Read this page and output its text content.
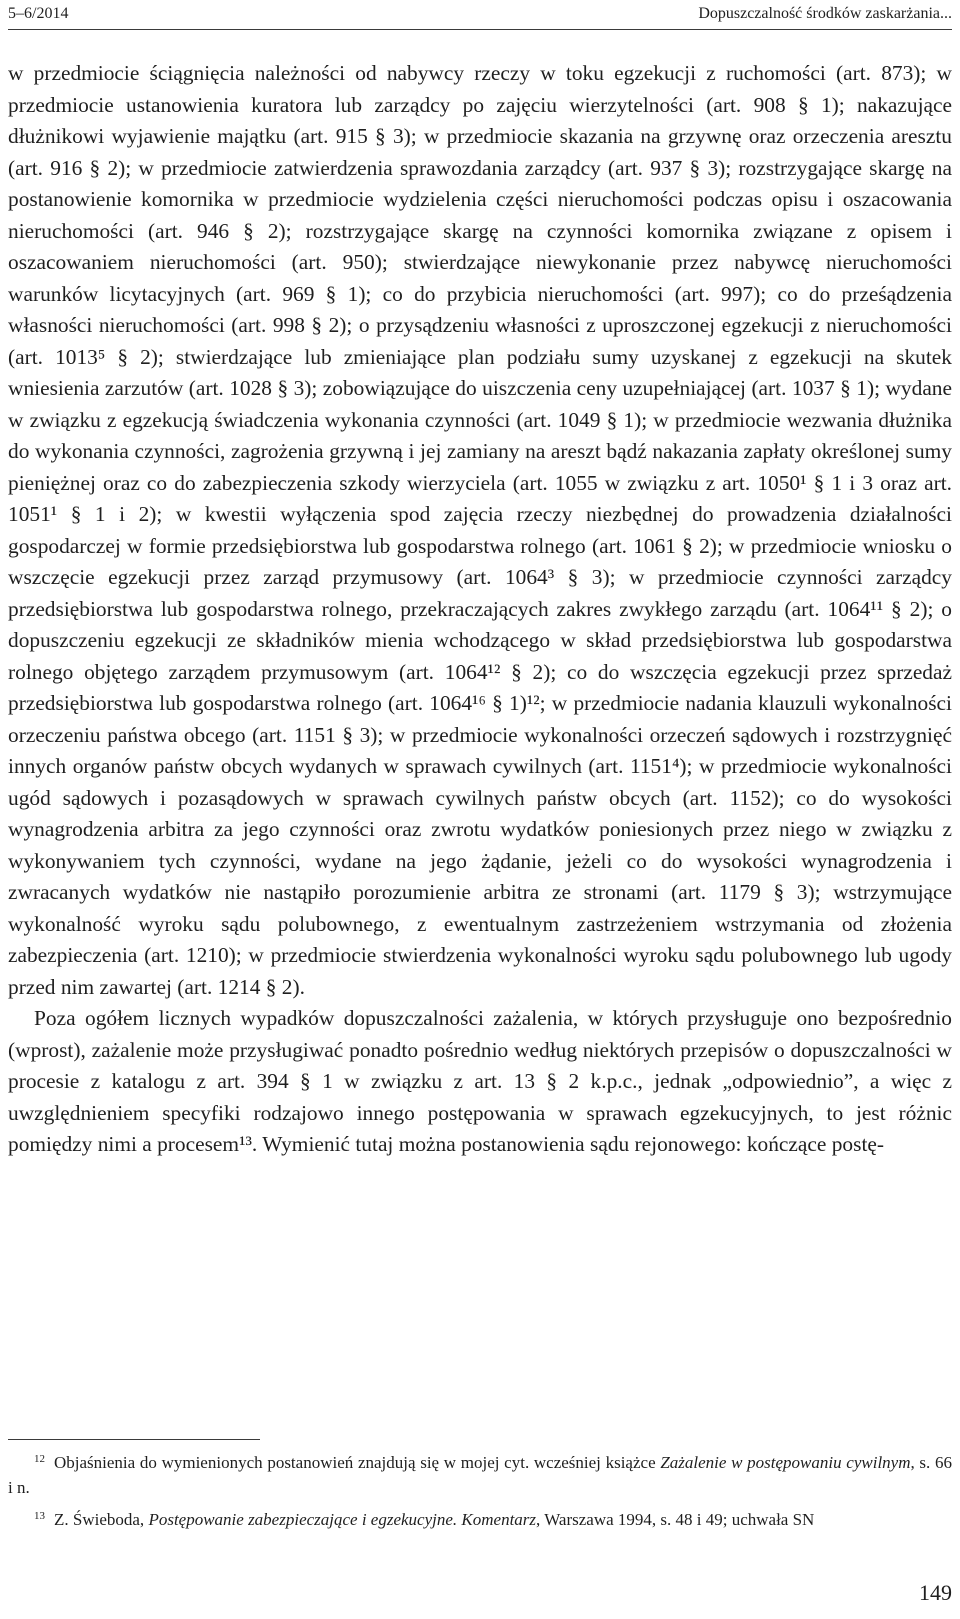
5–6/2014	Dopuszczalność środków zaskarżania...

w przedmiocie ściągnięcia należności od nabywcy rzeczy w toku egzekucji z ruchomości (art. 873); w przedmiocie ustanowienia kuratora lub zarządcy po zajęciu wierzytelności (art. 908 § 1); nakazujące dłużnikowi wyjawienie majątku (art. 915 § 3); w przedmiocie skazania na grzywnę oraz orzeczenia aresztu (art. 916 § 2); w przedmiocie zatwierdzenia sprawozdania zarządcy (art. 937 § 3); rozstrzygające skargę na postanowienie komornika w przedmiocie wydzielenia części nieruchomości podczas opisu i oszacowania nieruchomości (art. 946 § 2); rozstrzygające skargę na czynności komornika związane z opisem i oszacowaniem nieruchomości (art. 950); stwierdzające niewykonanie przez nabywcę nieruchomości warunków licytacyjnych (art. 969 § 1); co do przybicia nieruchomości (art. 997); co do prześądzenia własności nieruchomości (art. 998 § 2); o przysądzeniu własności z uproszczonej egzekucji z nieruchomości (art. 1013⁵ § 2); stwierdzające lub zmieniające plan podziału sumy uzyskanej z egzekucji na skutek wniesienia zarzutów (art. 1028 § 3); zobowiązujące do uiszczenia ceny uzupełniającej (art. 1037 § 1); wydane w związku z egzekucją świadczenia wykonania czynności (art. 1049 § 1); w przedmiocie wezwania dłużnika do wykonania czynności, zagrożenia grzywną i jej zamiany na areszt bądź nakazania zapłaty określonej sumy pieniężnej oraz co do zabezpieczenia szkody wierzyciela (art. 1055 w związku z art. 1050¹ § 1 i 3 oraz art. 1051¹ § 1 i 2); w kwestii wyłączenia spod zajęcia rzeczy niezbędnej do prowadzenia działalności gospodarczej w formie przedsiębiorstwa lub gospodarstwa rolnego (art. 1061 § 2); w przedmiocie wniosku o wszczęcie egzekucji przez zarząd przymusowy (art. 1064³ § 3); w przedmiocie czynności zarządcy przedsiębiorstwa lub gospodarstwa rolnego, przekraczających zakres zwykłego zarządu (art. 1064¹¹ § 2); o dopuszczeniu egzekucji ze składników mienia wchodzącego w skład przedsiębiorstwa lub gospodarstwa rolnego objętego zarządem przymusowym (art. 1064¹² § 2); co do wszczęcia egzekucji przez sprzedaż przedsiębiorstwa lub gospodarstwa rolnego (art. 1064¹⁶ § 1)¹²; w przedmiocie nadania klauzuli wykonalności orzeczeniu państwa obcego (art. 1151 § 3); w przedmiocie wykonalności orzeczeń sądowych i rozstrzygnięć innych organów państw obcych wydanych w sprawach cywilnych (art. 1151⁴); w przedmiocie wykonalności ugód sądowych i pozasądowych w sprawach cywilnych państw obcych (art. 1152); co do wysokości wynagrodzenia arbitra za jego czynności oraz zwrotu wydatków poniesionych przez niego w związku z wykonywaniem tych czynności, wydane na jego żądanie, jeżeli co do wysokości wynagrodzenia i zwracanych wydatków nie nastąpiło porozumienie arbitra ze stronami (art. 1179 § 3); wstrzymujące wykonalność wyroku sądu polubownego, z ewentualnym zastrzeżeniem wstrzymania od złożenia zabezpieczenia (art. 1210); w przedmiocie stwierdzenia wykonalności wyroku sądu polubownego lub ugody przed nim zawartej (art. 1214 § 2).

Poza ogółem licznych wypadków dopuszczalności zażalenia, w których przysługuje ono bezpośrednio (wprost), zażalenie może przysługiwać ponadto pośrednio według niektórych przepisów o dopuszczalności w procesie z katalogu z art. 394 § 1 w związku z art. 13 § 2 k.p.c., jednak „odpowiednio”, a więc z uwzględnieniem specyfiki rodzajowo innego postępowania w sprawach egzekucyjnych, to jest różnic pomiędzy nimi a procesem¹³. Wymienić tutaj można postanowienia sądu rejonowego: kończące postę-

$^{12}$ Objaśnienia do wymienionych postanowień znajdują się w mojej cyt. wcześniej książce Zażalenie w postępowaniu cywilnym, s. 66 i n.

$^{13}$ Z. Świeboda, Postępowanie zabezpieczające i egzekucyjne. Komentarz, Warszawa 1994, s. 48 i 49; uchwała SN

149
